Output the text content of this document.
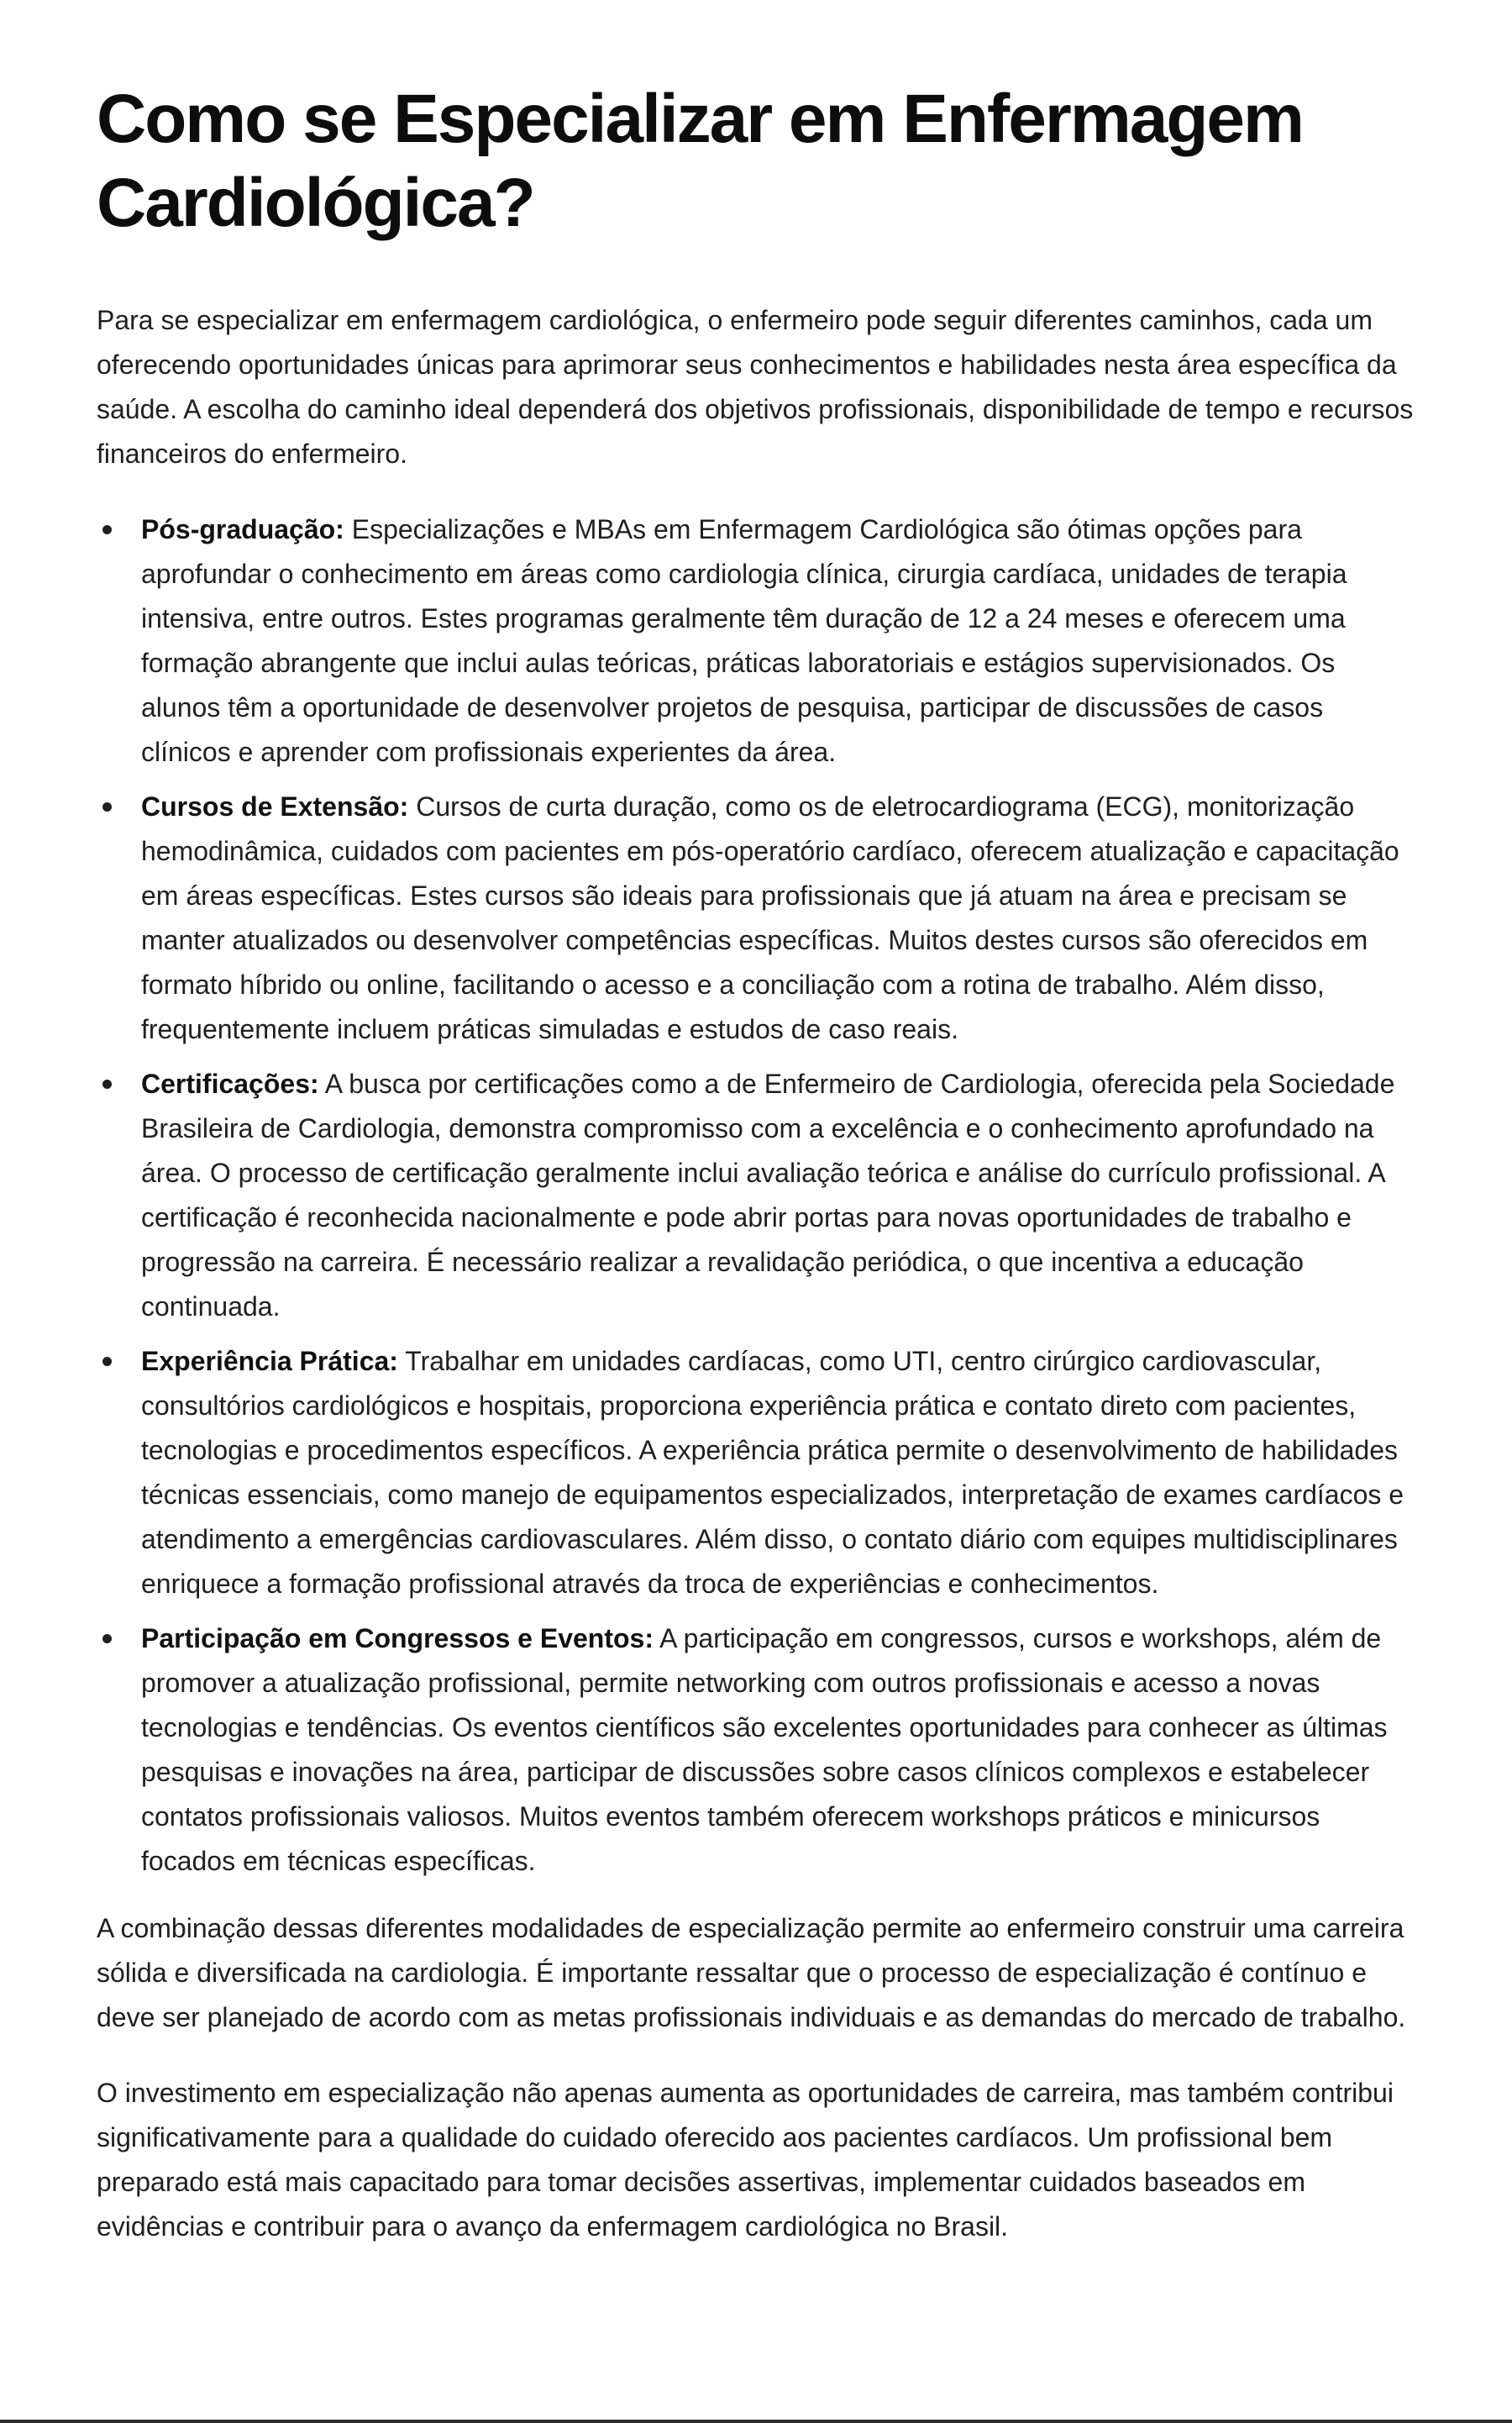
Como se Especializar em Enfermagem Cardiológica?

Para se especializar em enfermagem cardiológica, o enfermeiro pode seguir diferentes caminhos, cada um oferecendo oportunidades únicas para aprimorar seus conhecimentos e habilidades nesta área específica da saúde. A escolha do caminho ideal dependerá dos objetivos profissionais, disponibilidade de tempo e recursos financeiros do enfermeiro.

Pós-graduação: Especializações e MBAs em Enfermagem Cardiológica são ótimas opções para aprofundar o conhecimento em áreas como cardiologia clínica, cirurgia cardíaca, unidades de terapia intensiva, entre outros. Estes programas geralmente têm duração de 12 a 24 meses e oferecem uma formação abrangente que inclui aulas teóricas, práticas laboratoriais e estágios supervisionados. Os alunos têm a oportunidade de desenvolver projetos de pesquisa, participar de discussões de casos clínicos e aprender com profissionais experientes da área.
Cursos de Extensão: Cursos de curta duração, como os de eletrocardiograma (ECG), monitorização hemodinâmica, cuidados com pacientes em pós-operatório cardíaco, oferecem atualização e capacitação em áreas específicas. Estes cursos são ideais para profissionais que já atuam na área e precisam se manter atualizados ou desenvolver competências específicas. Muitos destes cursos são oferecidos em formato híbrido ou online, facilitando o acesso e a conciliação com a rotina de trabalho. Além disso, frequentemente incluem práticas simuladas e estudos de caso reais.
Certificações: A busca por certificações como a de Enfermeiro de Cardiologia, oferecida pela Sociedade Brasileira de Cardiologia, demonstra compromisso com a excelência e o conhecimento aprofundado na área. O processo de certificação geralmente inclui avaliação teórica e análise do currículo profissional. A certificação é reconhecida nacionalmente e pode abrir portas para novas oportunidades de trabalho e progressão na carreira. É necessário realizar a revalidação periódica, o que incentiva a educação continuada.
Experiência Prática: Trabalhar em unidades cardíacas, como UTI, centro cirúrgico cardiovascular, consultórios cardiológicos e hospitais, proporciona experiência prática e contato direto com pacientes, tecnologias e procedimentos específicos. A experiência prática permite o desenvolvimento de habilidades técnicas essenciais, como manejo de equipamentos especializados, interpretação de exames cardíacos e atendimento a emergências cardiovasculares. Além disso, o contato diário com equipes multidisciplinares enriquece a formação profissional através da troca de experiências e conhecimentos.
Participação em Congressos e Eventos: A participação em congressos, cursos e workshops, além de promover a atualização profissional, permite networking com outros profissionais e acesso a novas tecnologias e tendências. Os eventos científicos são excelentes oportunidades para conhecer as últimas pesquisas e inovações na área, participar de discussões sobre casos clínicos complexos e estabelecer contatos profissionais valiosos. Muitos eventos também oferecem workshops práticos e minicursos focados em técnicas específicas.

A combinação dessas diferentes modalidades de especialização permite ao enfermeiro construir uma carreira sólida e diversificada na cardiologia. É importante ressaltar que o processo de especialização é contínuo e deve ser planejado de acordo com as metas profissionais individuais e as demandas do mercado de trabalho.

O investimento em especialização não apenas aumenta as oportunidades de carreira, mas também contribui significativamente para a qualidade do cuidado oferecido aos pacientes cardíacos. Um profissional bem preparado está mais capacitado para tomar decisões assertivas, implementar cuidados baseados em evidências e contribuir para o avanço da enfermagem cardiológica no Brasil.
